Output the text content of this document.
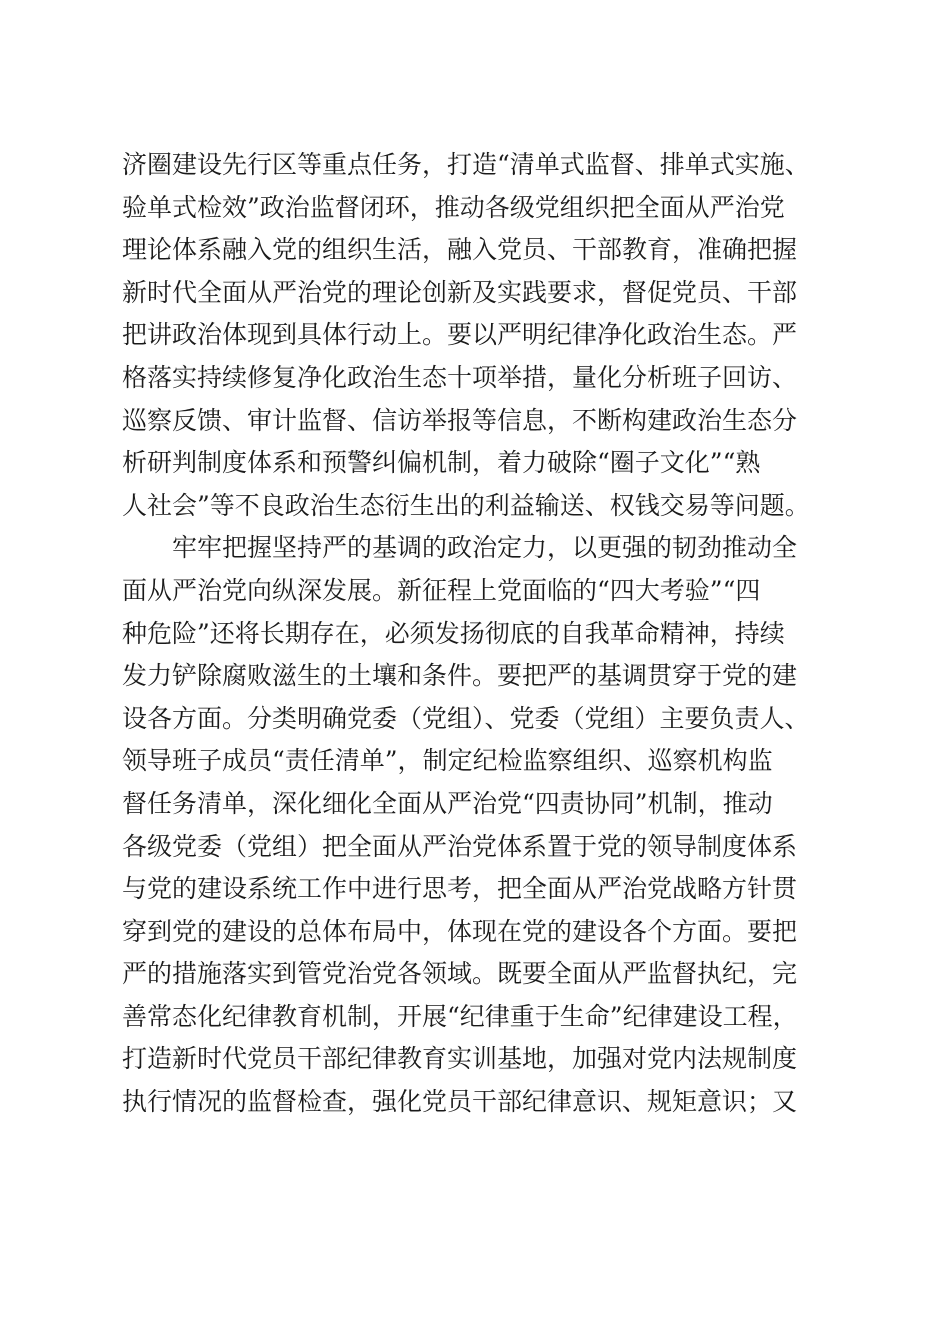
济圈建设先行区等重点任务，打造“清单式监督、排单式实施、
验单式检效”政治监督闭环，推动各级党组织把全面从严治党
理论体系融入党的组织生活，融入党员、干部教育，准确把握
新时代全面从严治党的理论创新及实践要求，督促党员、干部
把讲政治体现到具体行动上。要以严明纪律净化政治生态。严
格落实持续修复净化政治生态十项举措，量化分析班子回访、
巡察反馈、审计监督、信访举报等信息，不断构建政治生态分
析研判制度体系和预警纠偏机制，着力破除“圈子文化”“熟
人社会”等不良政治生态衍生出的利益输送、权钱交易等问题。
牢牢把握坚持严的基调的政治定力，以更强的韧劲推动全
面从严治党向纵深发展。新征程上党面临的“四大考验”“四
种危险”还将长期存在，必须发扬彻底的自我革命精神，持续
发力铲除腐败滋生的土壤和条件。要把严的基调贯穿于党的建
设各方面。分类明确党委（党组）、党委（党组）主要负责人、
领导班子成员“责任清单”，制定纪检监察组织、巡察机构监
督任务清单，深化细化全面从严治党“四责协同”机制，推动
各级党委（党组）把全面从严治党体系置于党的领导制度体系
与党的建设系统工作中进行思考，把全面从严治党战略方针贯
穿到党的建设的总体布局中，体现在党的建设各个方面。要把
严的措施落实到管党治党各领域。既要全面从严监督执纪，完
善常态化纪律教育机制，开展“纪律重于生命”纪律建设工程，
打造新时代党员干部纪律教育实训基地，加强对党内法规制度
执行情况的监督检查，强化党员干部纪律意识、规矩意识；又
